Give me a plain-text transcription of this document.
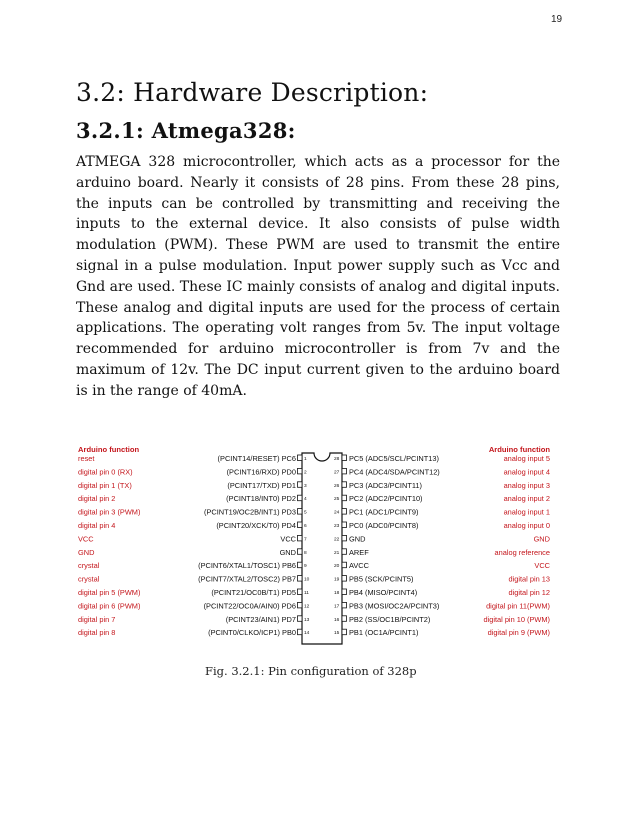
19
3.2: Hardware Description:
3.2.1: Atmega328:

ATMEGA 328 microcontroller, which acts as a processor for the arduino board. Nearly it consists of 28 pins. From these 28 pins, the inputs can be controlled by transmitting and receiving the inputs to the external device. It also consists of pulse width modulation (PWM). These PWM are used to transmit the entire signal in a pulse modulation. Input power supply such as Vcc and Gnd are used. These IC mainly consists of analog and digital inputs. These analog and digital inputs are used for the process of certain applications. The operating volt ranges from 5v. The input voltage recommended for arduino microcontroller is from 7v and the maximum of 12v. The DC input current given to the arduino board is in the range of 40mA.

Arduino function	Arduino function
reset	(PCINT14/RESET) PC6 1
digital pin 0 (RX)	(PCINT16/RXD) PD0 2
digital pin 1 (TX)	(PCINT17/TXD) PD1 3
digital pin 2	(PCINT18/INT0) PD2 4
digital pin 3 (PWM)	(PCINT19/OC2B/INT1) PD3 5
digital pin 4	(PCINT20/XCK/T0) PD4 6
VCC	VCC 7
GND	GND 8
crystal	(PCINT6/XTAL1/TOSC1) PB6 9
crystal	(PCINT7/XTAL2/TOSC2) PB7 10
digital pin 5 (PWM)	(PCINT21/OC0B/T1) PD5 11
digital pin 6 (PWM)	(PCINT22/OC0A/AIN0) PD6 12
digital pin 7	(PCINT23/AIN1) PD7 13
digital pin 8	(PCINT0/CLKO/ICP1) PB0 14
28 PC5 (ADC5/SCL/PCINT13)	analog input 5
27 PC4 (ADC4/SDA/PCINT12)	analog input 4
26 PC3 (ADC3/PCINT11)	analog input 3
25 PC2 (ADC2/PCINT10)	analog input 2
24 PC1 (ADC1/PCINT9)	analog input 1
23 PC0 (ADC0/PCINT8)	analog input 0
22 GND	GND
21 AREF	analog reference
20 AVCC	VCC
19 PB5 (SCK/PCINT5)	digital pin 13
18 PB4 (MISO/PCINT4)	digital pin 12
17 PB3 (MOSI/OC2A/PCINT3)	digital pin 11(PWM)
16 PB2 (SS/OC1B/PCINT2)	digital pin 10 (PWM)
15 PB1 (OC1A/PCINT1)	digital pin 9 (PWM)

Fig. 3.2.1: Pin configuration of 328p
